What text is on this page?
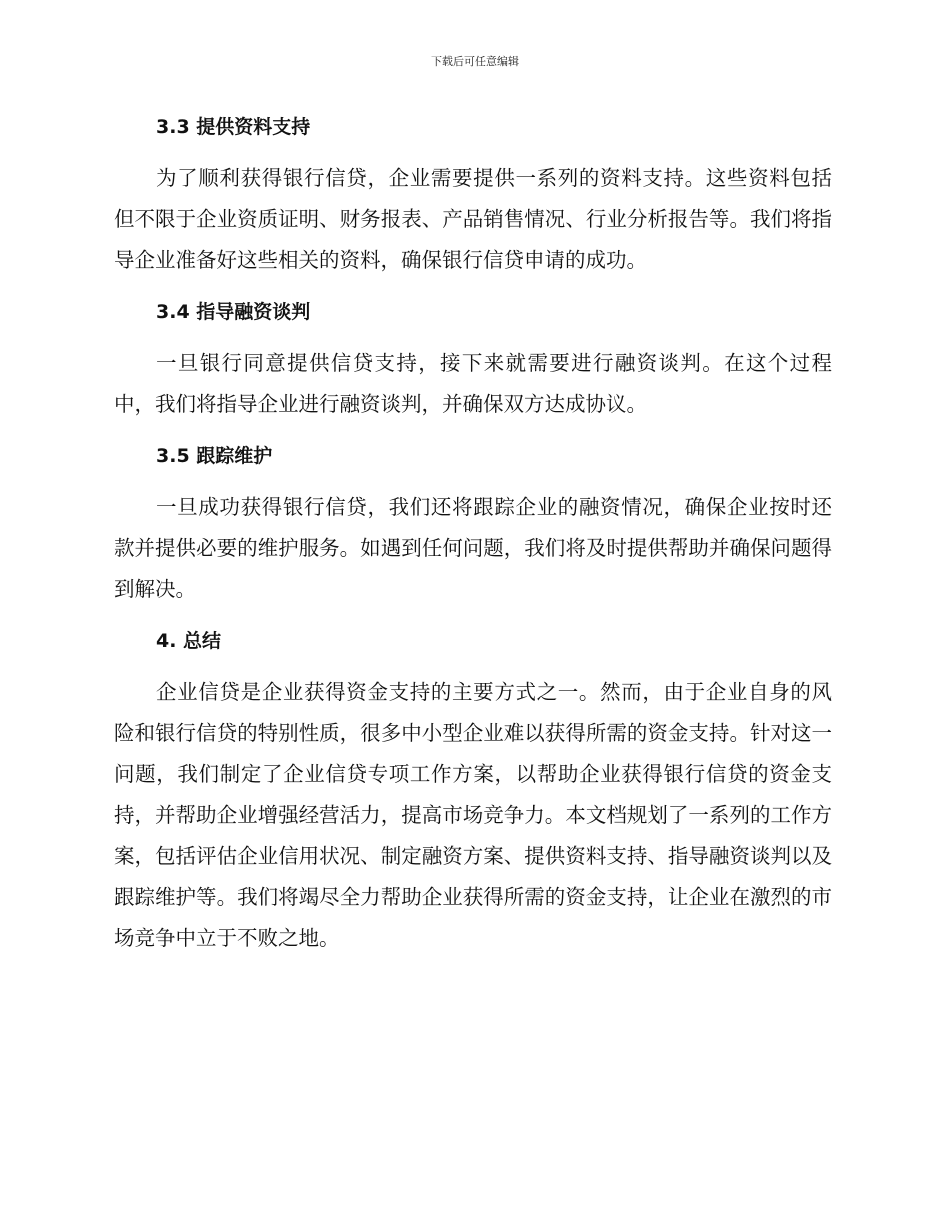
下载后可任意编辑
3.3 提供资料支持

为了顺利获得银行信贷，企业需要提供一系列的资料支持。这些资料包括但不限于企业资质证明、财务报表、产品销售情况、行业分析报告等。我们将指导企业准备好这些相关的资料，确保银行信贷申请的成功。

3.4 指导融资谈判

一旦银行同意提供信贷支持，接下来就需要进行融资谈判。在这个过程中，我们将指导企业进行融资谈判，并确保双方达成协议。

3.5 跟踪维护

一旦成功获得银行信贷，我们还将跟踪企业的融资情况，确保企业按时还款并提供必要的维护服务。如遇到任何问题，我们将及时提供帮助并确保问题得到解决。

4. 总结

企业信贷是企业获得资金支持的主要方式之一。然而，由于企业自身的风险和银行信贷的特别性质，很多中小型企业难以获得所需的资金支持。针对这一问题，我们制定了企业信贷专项工作方案，以帮助企业获得银行信贷的资金支持，并帮助企业增强经营活力，提高市场竞争力。本文档规划了一系列的工作方案，包括评估企业信用状况、制定融资方案、提供资料支持、指导融资谈判以及跟踪维护等。我们将竭尽全力帮助企业获得所需的资金支持，让企业在激烈的市场竞争中立于不败之地。
